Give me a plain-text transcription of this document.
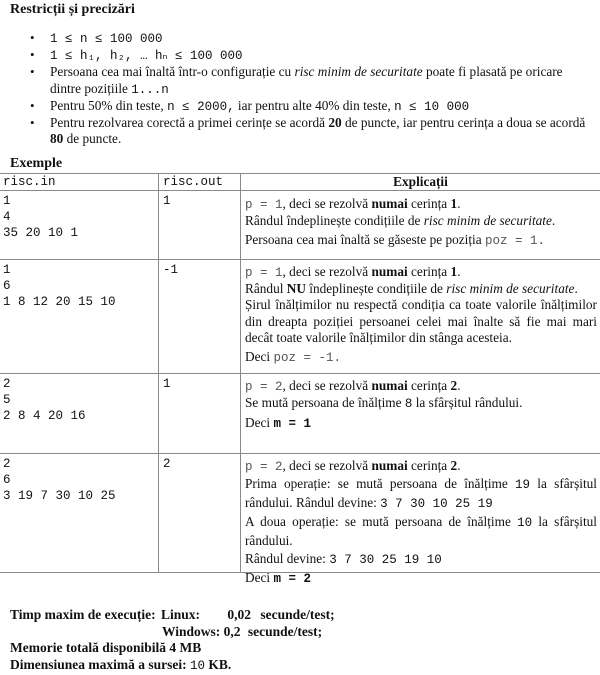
Restricții și precizări
• 1 ≤ n ≤ 100 000
• 1 ≤ h₁, h₂, … hₙ ≤ 100 000
• Persoana cea mai înaltă într-o configurație cu risc minim de securitate poate fi plasată pe oricare dintre pozițiile 1...n
• Pentru 50% din teste, n ≤ 2000, iar pentru alte 40% din teste, n ≤ 10 000
• Pentru rezolvarea corectă a primei cerințe se acordă 20 de puncte, iar pentru cerința a doua se acordă 80 de puncte.
Exemple
risc.in	risc.out	Explicații
1
4
35 20 10 1
1	p = 1, deci se rezolvă numai cerința 1.
Rândul îndeplinește condițiile de risc minim de securitate.
Persoana cea mai înaltă se găseste pe poziția poz = 1.
1
6
1 8 12 20 15 10
-1	p = 1, deci se rezolvă numai cerința 1.
Rândul NU îndeplinește condițiile de risc minim de securitate.
Șirul înălțimilor nu respectă condiția ca toate valorile înălțimilor din dreapta poziției persoanei celei mai înalte să fie mai mari decât toate valorile înălțimilor din stânga acesteia.
Deci poz = -1.
2
5
2 8 4 20 16
1	p = 2, deci se rezolvă numai cerința 2.
Se mută persoana de înălțime 8 la sfârșitul rândului.
Deci m = 1
2
6
3 19 7 30 10 25
2	p = 2, deci se rezolvă numai cerința 2.
Prima operație: se mută persoana de înălțime 19 la sfârșitul rândului. Rândul devine: 3 7 30 10 25 19
A doua operație: se mută persoana de înălțime 10 la sfârșitul rândului.
Rândul devine: 3 7 30 25 19 10
Deci m = 2
Timp maxim de execuție: Linux: 0,02 secunde/test;
Windows: 0,2 secunde/test;
Memorie totală disponibilă 4 MB
Dimensiunea maximă a sursei: 10 KB.
